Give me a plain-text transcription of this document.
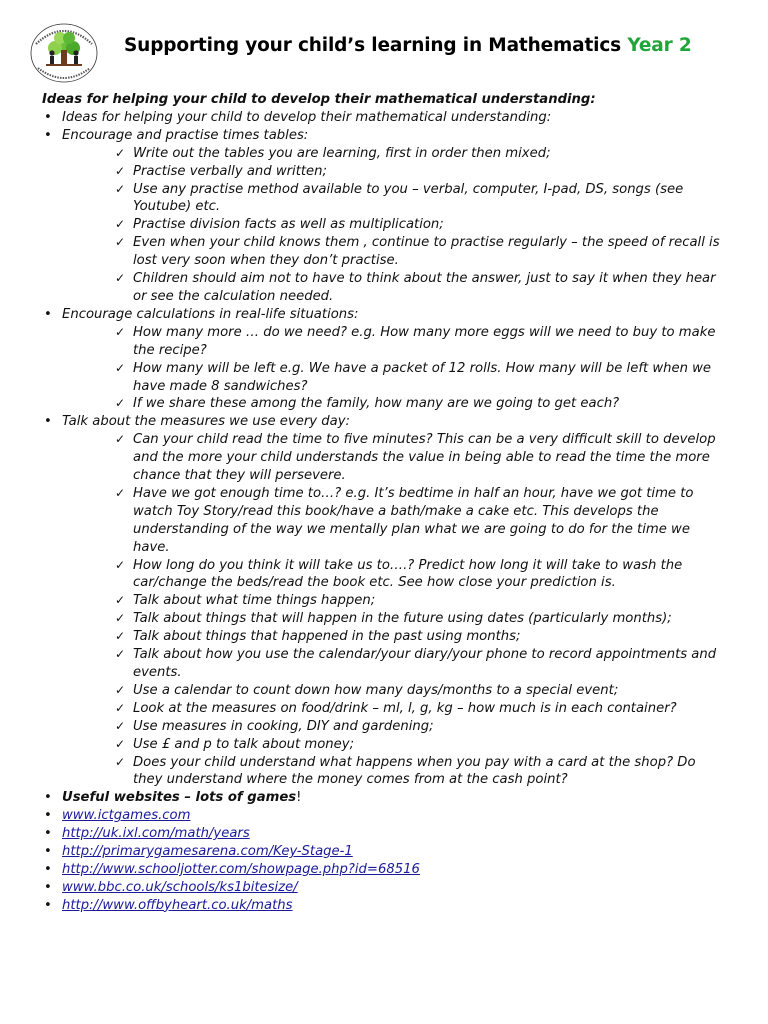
Supporting your child’s learning in Mathematics Year 2
Ideas for helping your child to develop their mathematical understanding:
• Ideas for helping your child to develop their mathematical understanding:
• Encourage and practise times tables:
✓ Write out the tables you are learning, first in order then mixed;
✓ Practise verbally and written;
✓ Use any practise method available to you – verbal, computer, I-pad, DS, songs (see Youtube) etc.
✓ Practise division facts as well as multiplication;
✓ Even when your child knows them , continue to practise regularly – the speed of recall is lost very soon when they don’t practise.
✓ Children should aim not to have to think about the answer, just to say it when they hear or see the calculation needed.
• Encourage calculations in real-life situations:
✓ How many more … do we need? e.g. How many more eggs will we need to buy to make the recipe?
✓ How many will be left e.g. We have a packet of 12 rolls. How many will be left when we have made 8 sandwiches?
✓ If we share these among the family, how many are we going to get each?
• Talk about the measures we use every day:
✓ Can your child read the time to five minutes? This can be a very difficult skill to develop and the more your child understands the value in being able to read the time the more chance that they will persevere.
✓ Have we got enough time to…? e.g. It’s bedtime in half an hour, have we got time to watch Toy Story/read this book/have a bath/make a cake etc. This develops the understanding of the way we mentally plan what we are going to do for the time we have.
✓ How long do you think it will take us to….? Predict how long it will take to wash the car/change the beds/read the book etc. See how close your prediction is.
✓ Talk about what time things happen;
✓ Talk about things that will happen in the future using dates (particularly months);
✓ Talk about things that happened in the past using months;
✓ Talk about how you use the calendar/your diary/your phone to record appointments and events.
✓ Use a calendar to count down how many days/months to a special event;
✓ Look at the measures on food/drink – ml, l, g, kg – how much is in each container?
✓ Use measures in cooking, DIY and gardening;
✓ Use £ and p to talk about money;
✓ Does your child understand what happens when you pay with a card at the shop? Do they understand where the money comes from at the cash point?
• Useful websites – lots of games!
• www.ictgames.com
• http://uk.ixl.com/math/years
• http://primarygamesarena.com/Key-Stage-1
• http://www.schooljotter.com/showpage.php?id=68516
• www.bbc.co.uk/schools/ks1bitesize/
• http://www.offbyheart.co.uk/maths
